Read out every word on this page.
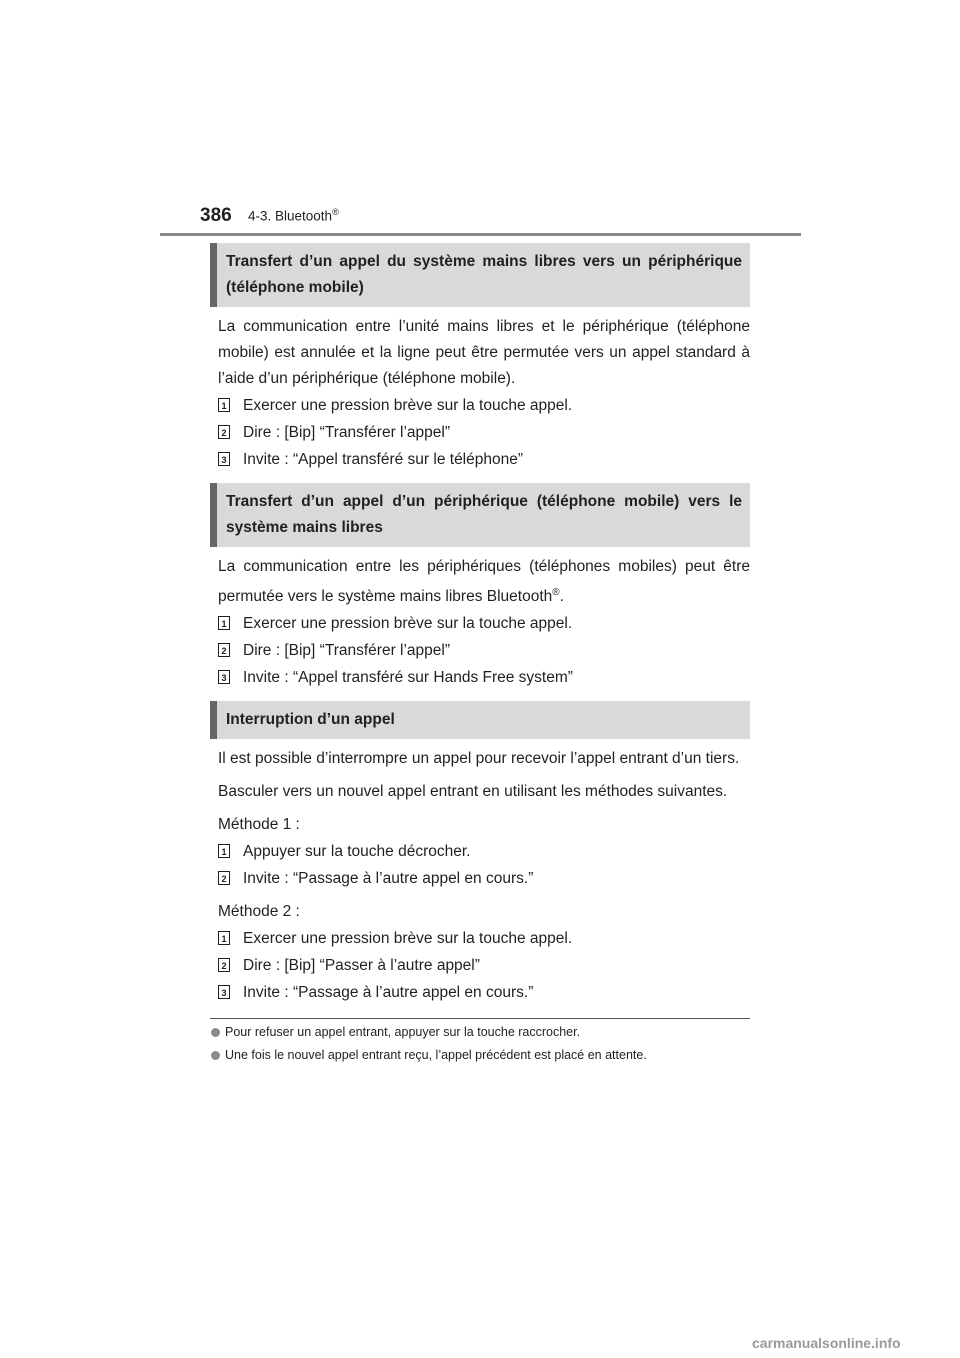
386 4-3. Bluetooth®
Transfert d’un appel du système mains libres vers un périphérique (téléphone mobile)
La communication entre l’unité mains libres et le périphérique (téléphone mobile) est annulée et la ligne peut être permutée vers un appel standard à l’aide d’un périphérique (téléphone mobile).
1 Exercer une pression brève sur la touche appel.
2 Dire : [Bip] “Transférer l’appel”
3 Invite : “Appel transféré sur le téléphone”
Transfert d’un appel d’un périphérique (téléphone mobile) vers le système mains libres
La communication entre les périphériques (téléphones mobiles) peut être permutée vers le système mains libres Bluetooth®.
1 Exercer une pression brève sur la touche appel.
2 Dire : [Bip] “Transférer l’appel”
3 Invite : “Appel transféré sur Hands Free system”
Interruption d’un appel
Il est possible d’interrompre un appel pour recevoir l’appel entrant d’un tiers.
Basculer vers un nouvel appel entrant en utilisant les méthodes suivantes.
Méthode 1 :
1 Appuyer sur la touche décrocher.
2 Invite : “Passage à l’autre appel en cours.”
Méthode 2 :
1 Exercer une pression brève sur la touche appel.
2 Dire : [Bip] “Passer à l’autre appel”
3 Invite : “Passage à l’autre appel en cours.”
Pour refuser un appel entrant, appuyer sur la touche raccrocher.
Une fois le nouvel appel entrant reçu, l’appel précédent est placé en attente.
carmanualsonline.info
